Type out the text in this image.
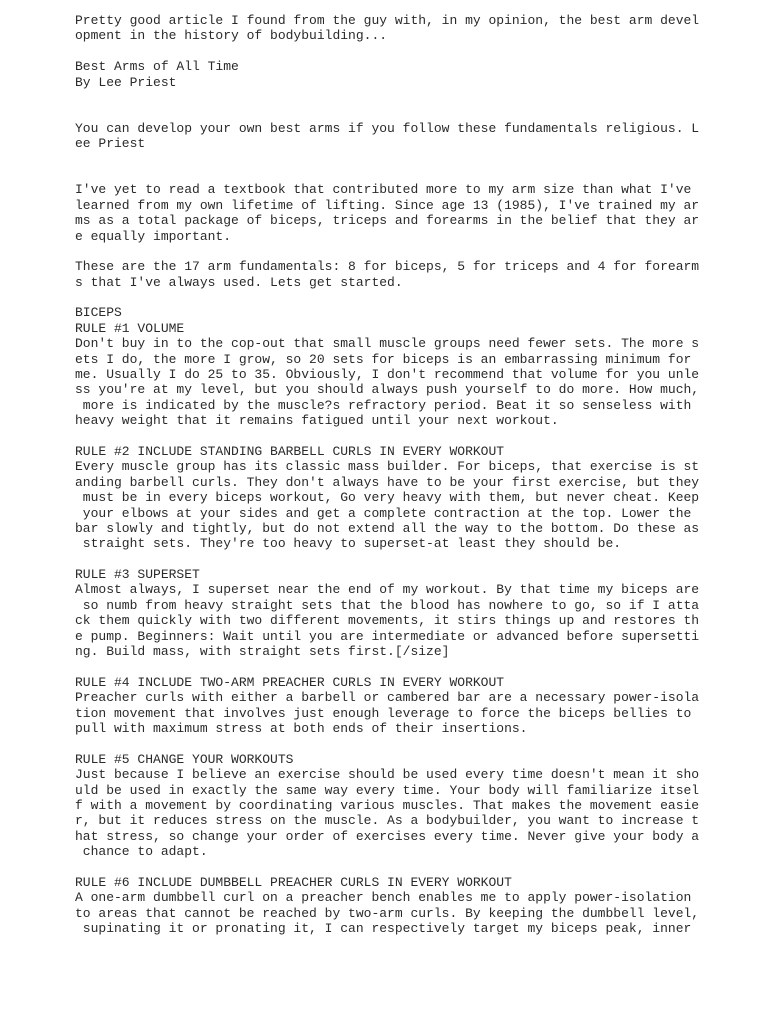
Pretty good article I found from the guy with, in my opinion, the best arm devel
opment in the history of bodybuilding...
Best Arms of All Time
By Lee Priest
You can develop your own best arms if you follow these fundamentals religious. L
ee Priest
I've yet to read a textbook that contributed more to my arm size than what I've
learned from my own lifetime of lifting. Since age 13 (1985), I've trained my ar
ms as a total package of biceps, triceps and forearms in the belief that they ar
e equally important.
These are the 17 arm fundamentals: 8 for biceps, 5 for triceps and 4 for forearm
s that I've always used. Lets get started.
BICEPS
RULE #1 VOLUME
Don't buy in to the cop-out that small muscle groups need fewer sets. The more s
ets I do, the more I grow, so 20 sets for biceps is an embarrassing minimum for
me. Usually I do 25 to 35. Obviously, I don't recommend that volume for you unle
ss you're at my level, but you should always push yourself to do more. How much,
more is indicated by the muscle?s refractory period. Beat it so senseless with
heavy weight that it remains fatigued until your next workout.
RULE #2 INCLUDE STANDING BARBELL CURLS IN EVERY WORKOUT
Every muscle group has its classic mass builder. For biceps, that exercise is st
anding barbell curls. They don't always have to be your first exercise, but they
must be in every biceps workout, Go very heavy with them, but never cheat. Keep
your elbows at your sides and get a complete contraction at the top. Lower the
bar slowly and tightly, but do not extend all the way to the bottom. Do these as
straight sets. They're too heavy to superset-at least they should be.
RULE #3 SUPERSET
Almost always, I superset near the end of my workout. By that time my biceps are
so numb from heavy straight sets that the blood has nowhere to go, so if I atta
ck them quickly with two different movements, it stirs things up and restores th
e pump. Beginners: Wait until you are intermediate or advanced before supersetti
ng. Build mass, with straight sets first.[/size]
RULE #4 INCLUDE TWO-ARM PREACHER CURLS IN EVERY WORKOUT
Preacher curls with either a barbell or cambered bar are a necessary power-isola
tion movement that involves just enough leverage to force the biceps bellies to
pull with maximum stress at both ends of their insertions.
RULE #5 CHANGE YOUR WORKOUTS
Just because I believe an exercise should be used every time doesn't mean it sho
uld be used in exactly the same way every time. Your body will familiarize itsel
f with a movement by coordinating various muscles. That makes the movement easie
r, but it reduces stress on the muscle. As a bodybuilder, you want to increase t
hat stress, so change your order of exercises every time. Never give your body a
chance to adapt.
RULE #6 INCLUDE DUMBBELL PREACHER CURLS IN EVERY WORKOUT
A one-arm dumbbell curl on a preacher bench enables me to apply power-isolation
to areas that cannot be reached by two-arm curls. By keeping the dumbbell level,
supinating it or pronating it, I can respectively target my biceps peak, inner
